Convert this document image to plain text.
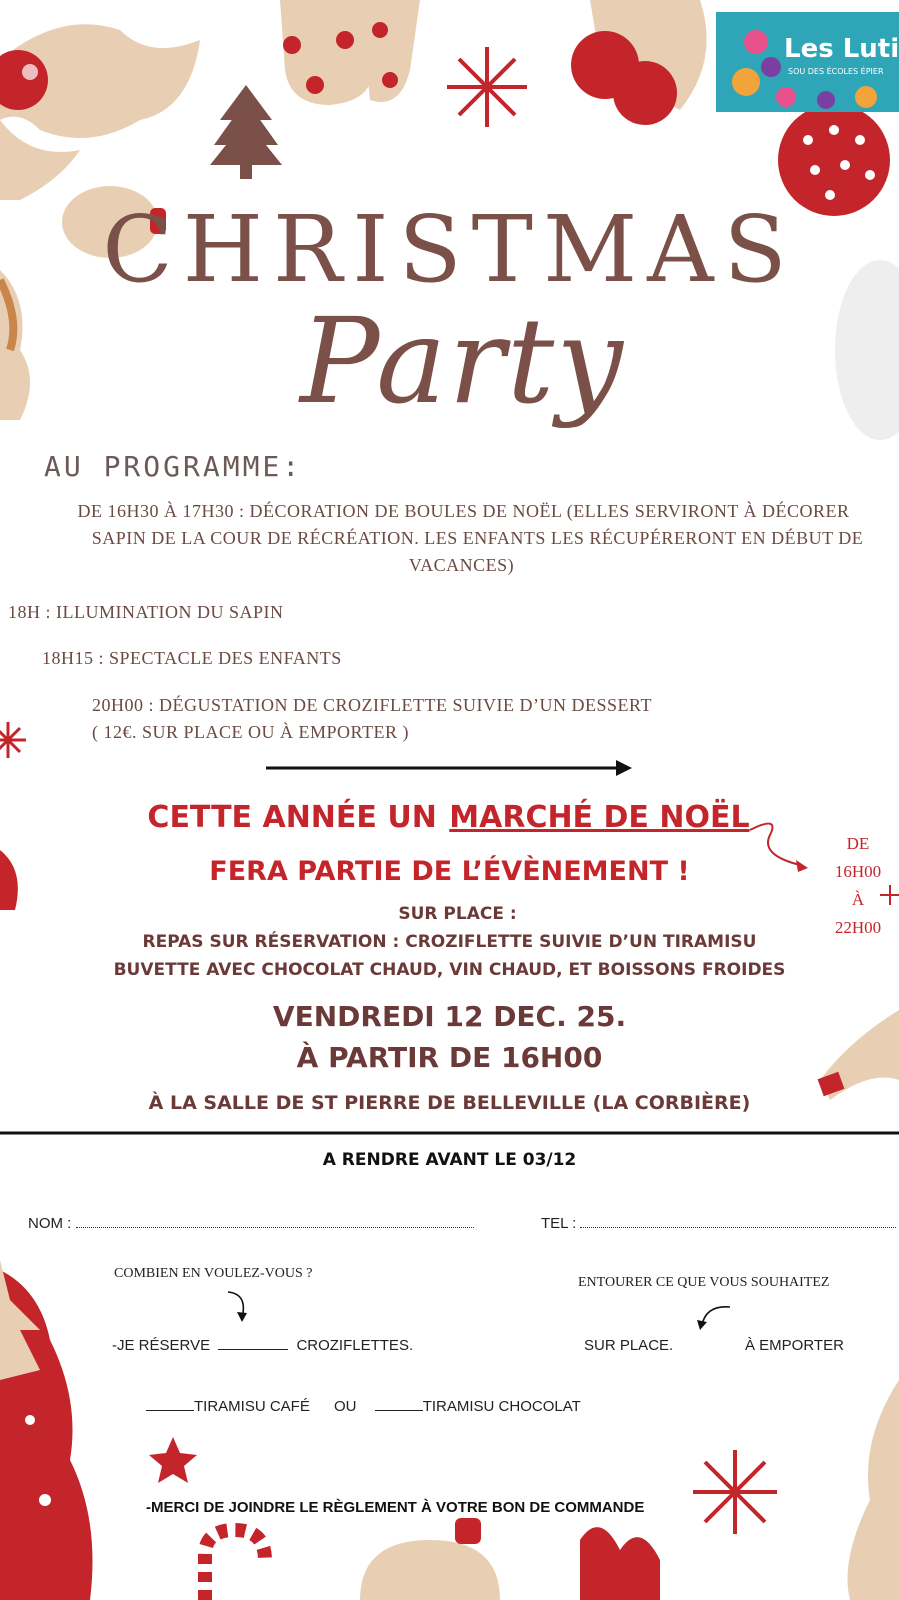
Les Luti
SOU DES ÉCOLES ÉPIER
CHRISTMAS
Party
AU PROGRAMME:
DE 16H30 À 17H30 : DÉCORATION DE BOULES DE NOËL (ELLES SERVIRONT À DÉCORER
SAPIN DE LA COUR DE RÉCRÉATION. LES ENFANTS LES RÉCUPÉRERONT EN DÉBUT DE
VACANCES)
18H : ILLUMINATION DU SAPIN
18H15 : SPECTACLE DES ENFANTS
20H00 : DÉGUSTATION DE CROZIFLETTE SUIVIE D’UN DESSERT
( 12€. SUR PLACE OU À EMPORTER )
CETTE ANNÉE UN MARCHÉ DE NOËL
FERA PARTIE DE L’ÉVÈNEMENT !
DE
16H00
À
22H00
SUR PLACE :
REPAS SUR RÉSERVATION : CROZIFLETTE SUIVIE D’UN TIRAMISU
BUVETTE AVEC CHOCOLAT CHAUD, VIN CHAUD, ET BOISSONS FROIDES
VENDREDI 12 DEC. 25.
À PARTIR DE 16H00
À LA SALLE DE ST PIERRE DE BELLEVILLE (LA CORBIÈRE)
A RENDRE AVANT LE 03/12
NOM :	TEL :
COMBIEN EN VOULEZ-VOUS ?
ENTOURER CE QUE VOUS SOUHAITEZ
-JE RÉSERVE	CROZIFLETTES.	SUR PLACE.	À EMPORTER
TIRAMISU CAFÉ OU	TIRAMISU CHOCOLAT
-MERCI DE JOINDRE LE RÈGLEMENT À VOTRE BON DE COMMANDE
